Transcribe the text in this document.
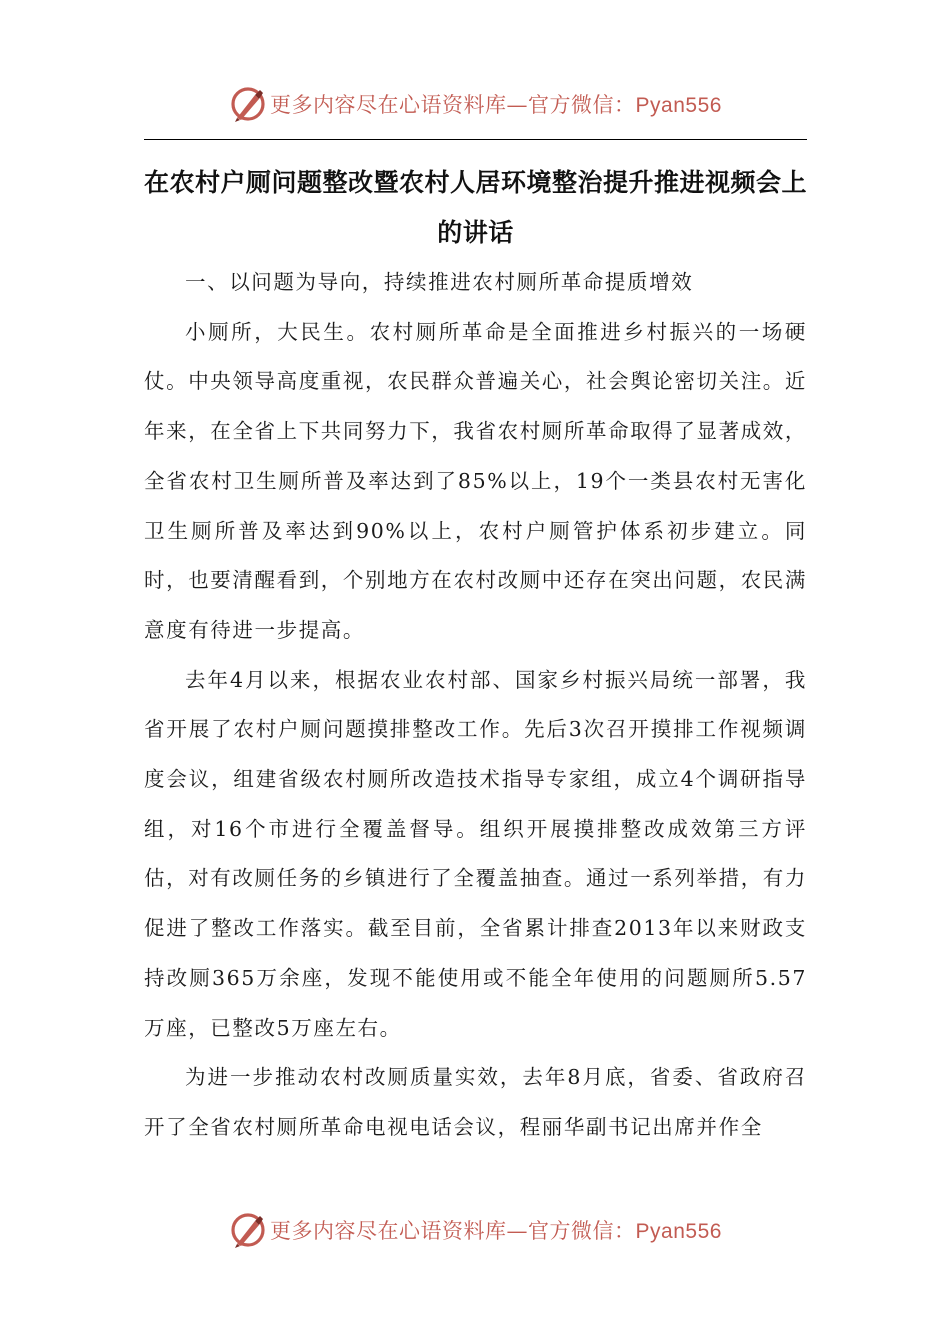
更多内容尽在心语资料库—官方微信：Pyan556
在农村户厕问题整改暨农村人居环境整治提升推进视频会上的讲话

一、以问题为导向，持续推进农村厕所革命提质增效

小厕所，大民生。农村厕所革命是全面推进乡村振兴的一场硬仗。中央领导高度重视，农民群众普遍关心，社会舆论密切关注。近年来，在全省上下共同努力下，我省农村厕所革命取得了显著成效，全省农村卫生厕所普及率达到了85%以上，19个一类县农村无害化卫生厕所普及率达到90%以上，农村户厕管护体系初步建立。同时，也要清醒看到，个别地方在农村改厕中还存在突出问题，农民满意度有待进一步提高。

去年4月以来，根据农业农村部、国家乡村振兴局统一部署，我省开展了农村户厕问题摸排整改工作。先后3次召开摸排工作视频调度会议，组建省级农村厕所改造技术指导专家组，成立4个调研指导组，对16个市进行全覆盖督导。组织开展摸排整改成效第三方评估，对有改厕任务的乡镇进行了全覆盖抽查。通过一系列举措，有力促进了整改工作落实。截至目前，全省累计排查2013年以来财政支持改厕365万余座，发现不能使用或不能全年使用的问题厕所5.57万座，已整改5万座左右。

为进一步推动农村改厕质量实效，去年8月底，省委、省政府召开了全省农村厕所革命电视电话会议，程丽华副书记出席并作全

更多内容尽在心语资料库—官方微信：Pyan556
